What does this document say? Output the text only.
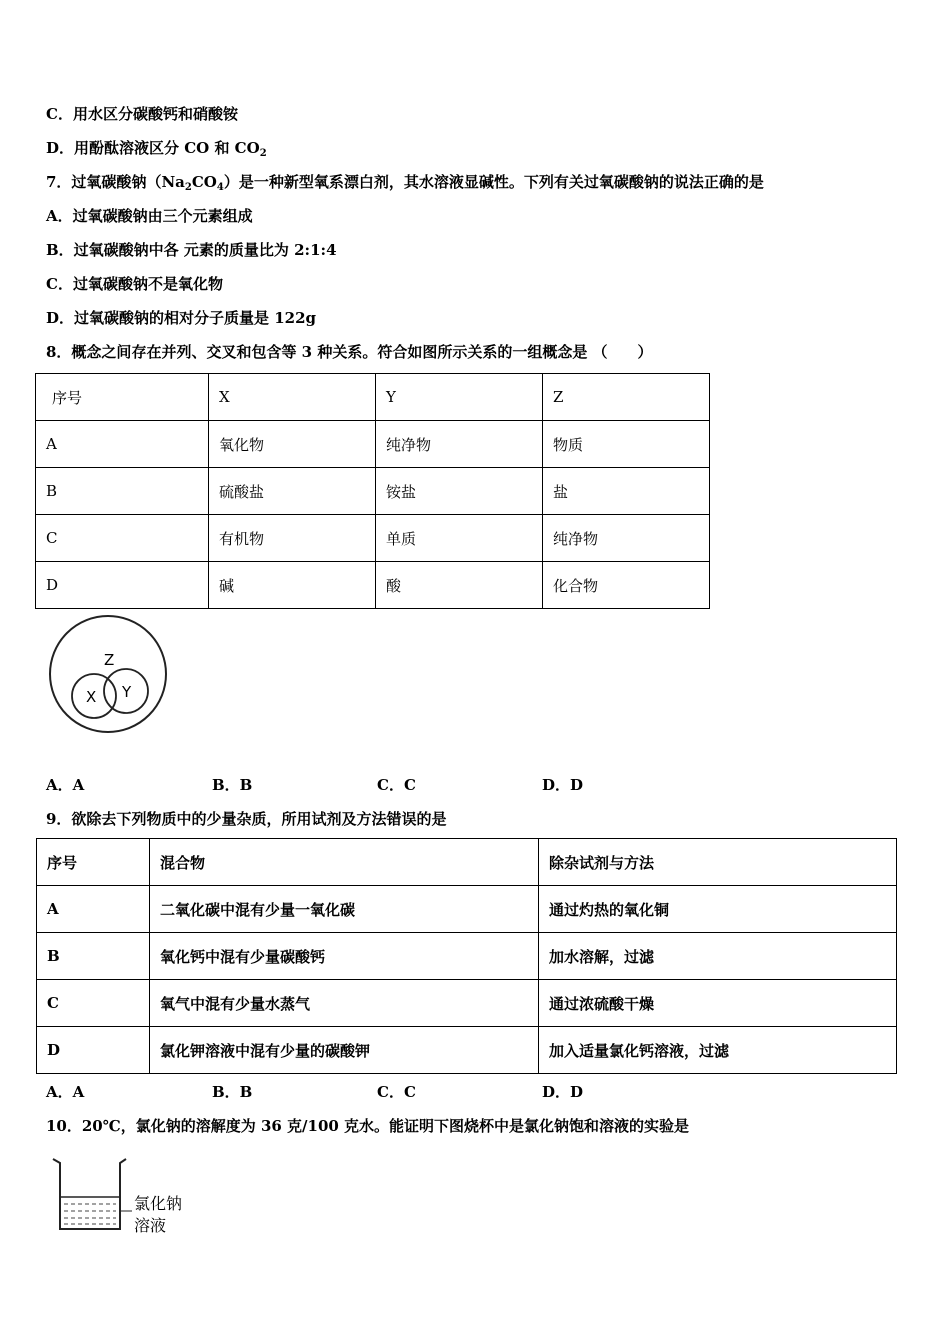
C．用水区分碳酸钙和硝酸铵
D．用酚酞溶液区分 CO 和 $CO_2$
7．过氧碳酸钠$(Na_2CO_4)$是一种新型氧系漂白剂，其水溶液显碱性。下列有关过氧碳酸钠的说法正确的是
A．过氧碳酸钠由三个元素组成
B．过氧碳酸钠中各 元素的质量比为 2:1:4
C．过氧碳酸钠不是氧化物
D．过氧碳酸钠的相对分子质量是 122g
8．概念之间存在并列、交叉和包含等 3 种关系。符合如图所示关系的一组概念是 （　　）
序号	X	Y	Z
A	氧化物	纯净物	物质
B	硫酸盐	铵盐	盐
C	有机物	单质	纯净物
D	碱	酸	化合物
Z
X Y
A．A	B．B	C．C	D．D
9．欲除去下列物质中的少量杂质，所用试剂及方法错误的是
序号	混合物	除杂试剂与方法
A	二氧化碳中混有少量一氧化碳	通过灼热的氧化铜
B	氧化钙中混有少量碳酸钙	加水溶解，过滤
C	氧气中混有少量水蒸气	通过浓硫酸干燥
D	氯化钾溶液中混有少量的碳酸钾	加入适量氯化钙溶液，过滤
A．A	B．B	C．C	D．D
10．20℃，氯化钠的溶解度为 36 克/100 克水。能证明下图烧杯中是氯化钠饱和溶液的实验是
氯化钠
溶液
